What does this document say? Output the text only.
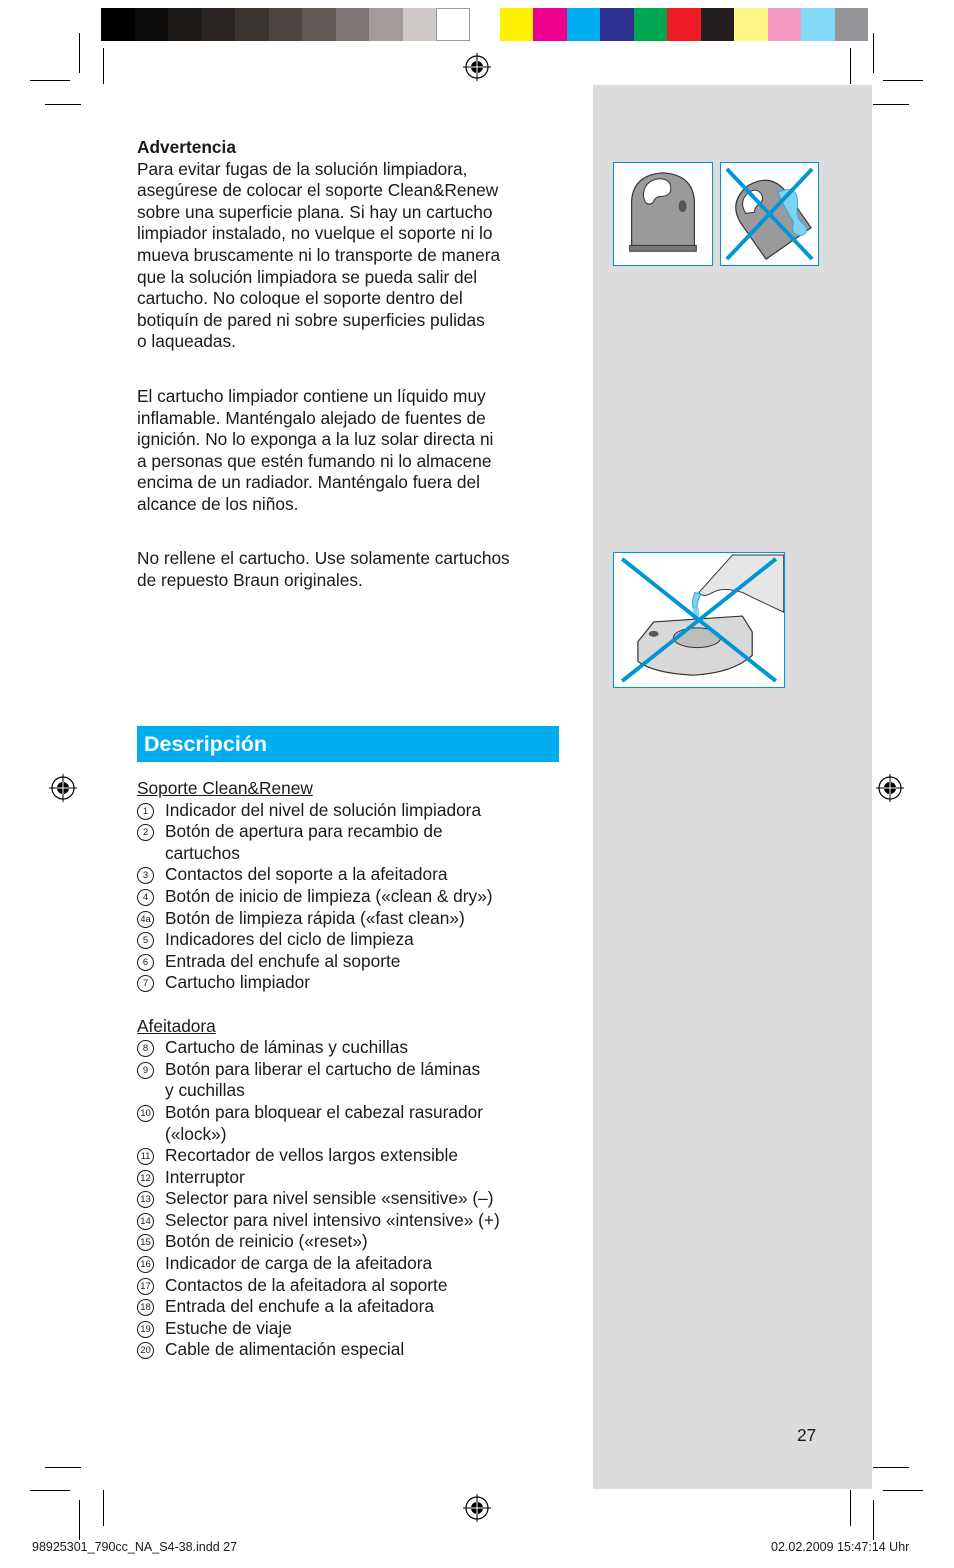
Advertencia
Para evitar fugas de la solución limpiadora,
asegúrese de colocar el soporte Clean&Renew
sobre una superficie plana. Si hay un cartucho
limpiador instalado, no vuelque el soporte ni lo
mueva bruscamente ni lo transporte de manera
que la solución limpiadora se pueda salir del
cartucho. No coloque el soporte dentro del
botiquín de pared ni sobre superficies pulidas
o laqueadas.
El cartucho limpiador contiene un líquido muy
inflamable. Manténgalo alejado de fuentes de
ignición. No lo exponga a la luz solar directa ni
a personas que estén fumando ni lo almacene
encima de un radiador. Manténgalo fuera del
alcance de los niños.
No rellene el cartucho. Use solamente cartuchos
de repuesto Braun originales.
Descripción
Soporte Clean&Renew
1 Indicador del nivel de solución limpiadora
2 Botón de apertura para recambio de
cartuchos
3 Contactos del soporte a la afeitadora
4 Botón de inicio de limpieza («clean & dry»)
4a Botón de limpieza rápida («fast clean»)
5 Indicadores del ciclo de limpieza
6 Entrada del enchufe al soporte
7 Cartucho limpiador
Afeitadora
8 Cartucho de láminas y cuchillas
9 Botón para liberar el cartucho de láminas
y cuchillas
10 Botón para bloquear el cabezal rasurador
(«lock»)
11 Recortador de vellos largos extensible
12 Interruptor
13 Selector para nivel sensible «sensitive» (–)
14 Selector para nivel intensivo «intensive» (+)
15 Botón de reinicio («reset»)
16 Indicador de carga de la afeitadora
17 Contactos de la afeitadora al soporte
18 Entrada del enchufe a la afeitadora
19 Estuche de viaje
20 Cable de alimentación especial
27
98925301_790cc_NA_S4-38.indd 27	02.02.2009 15:47:14 Uhr
